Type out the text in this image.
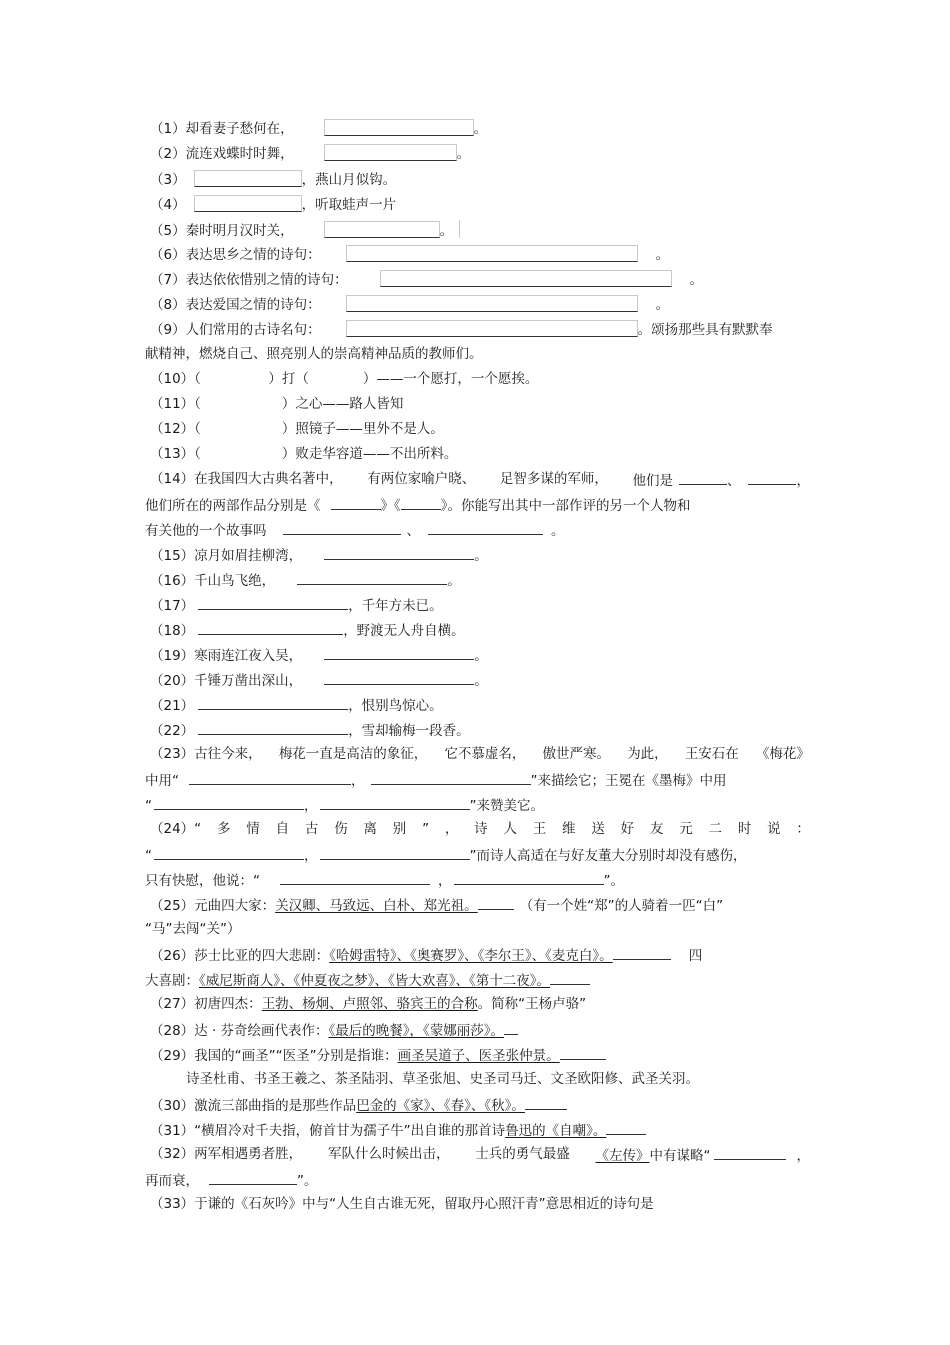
（1）却看妻子愁何在，	。
（2）流连戏蝶时时舞，	。
（3）	，燕山月似钩。
（4）	，听取蛙声一片
（5）秦时明月汉时关，	。
（6）表达思乡之情的诗句：	。
（7）表达依依惜别之情的诗句：	。
（8）表达爱国之情的诗句：	。
（9）人们常用的古诗名句：	。颂扬那些具有默默奉
献精神，燃烧自己、照亮别人的崇高精神品质的教师们。
（10）（　　　　　）打（　　　　）——一个愿打，一个愿挨。
（11）（　　　　　　）之心——路人皆知
（12）（　　　　　　）照镜子——里外不是人。
（13）（　　　　　　）败走华容道——不出所料。
（14）在我国四大古典名著中， 有两位家喻户晓、 足智多谋的军师， 他们是	、	，
他们所在的两部作品分别是《	》《	》。你能写出其中一部作评的另一个人物和
有关他的一个故事吗	、	。
（15）凉月如眉挂柳湾，	。
（16）千山鸟飞绝，	。
（17）	，千年方未已。
（18）	，野渡无人舟自横。
（19）寒雨连江夜入吴，	。
（20）千锤万凿出深山，	。
（21）	，恨别鸟惊心。
（22）	，雪却输梅一段香。
（23）古往今来， 梅花一直是高洁的象征， 它不慕虚名， 傲世严寒。 为此， 王安石在 《梅花》
中用“	，	”来描绘它；王冕在《墨梅》中用
“	，	”来赞美它。
（24）“ 多 情 自 古 伤 离 别 ” ， 诗 人 王 维 送 好 友 元 二 时 说 ：
“	，	”而诗人高适在与好友董大分别时却没有感伤，
只有快慰，他说：“	，	”。
（25）元曲四大家：关汉卿、马致远、白朴、郑光祖。	（有一个姓“郑”的人骑着一匹“白”
“马”去闯“关”）
（26）莎士比亚的四大悲剧：《哈姆雷特》、《奥赛罗》、《李尔王》、《麦克白》。	四
大喜剧：《威尼斯商人》、《仲夏夜之梦》、《皆大欢喜》、《第十二夜》。
（27）初唐四杰：王勃、杨炯、卢照邻、骆宾王的合称。简称“王杨卢骆”
（28）达 · 芬奇绘画代表作：《最后的晚餐》，《蒙娜丽莎》。
（29）我国的“画圣”“医圣”分别是指谁：画圣吴道子、医圣张仲景。
诗圣杜甫、书圣王羲之、茶圣陆羽、草圣张旭、史圣司马迁、文圣欧阳修、武圣关羽。
（30）激流三部曲指的是那些作品巴金的《家》、《春》、《秋》。
（31）“横眉冷对千夫指，俯首甘为孺子牛”出自谁的那首诗鲁迅的《自嘲》。
（32）两军相遇勇者胜， 军队什么时候出击， 士兵的勇气最盛 《左传》中有谋略“	，
再而衰，	”。
（33）于谦的《石灰吟》中与“人生自古谁无死，留取丹心照汗青”意思相近的诗句是
